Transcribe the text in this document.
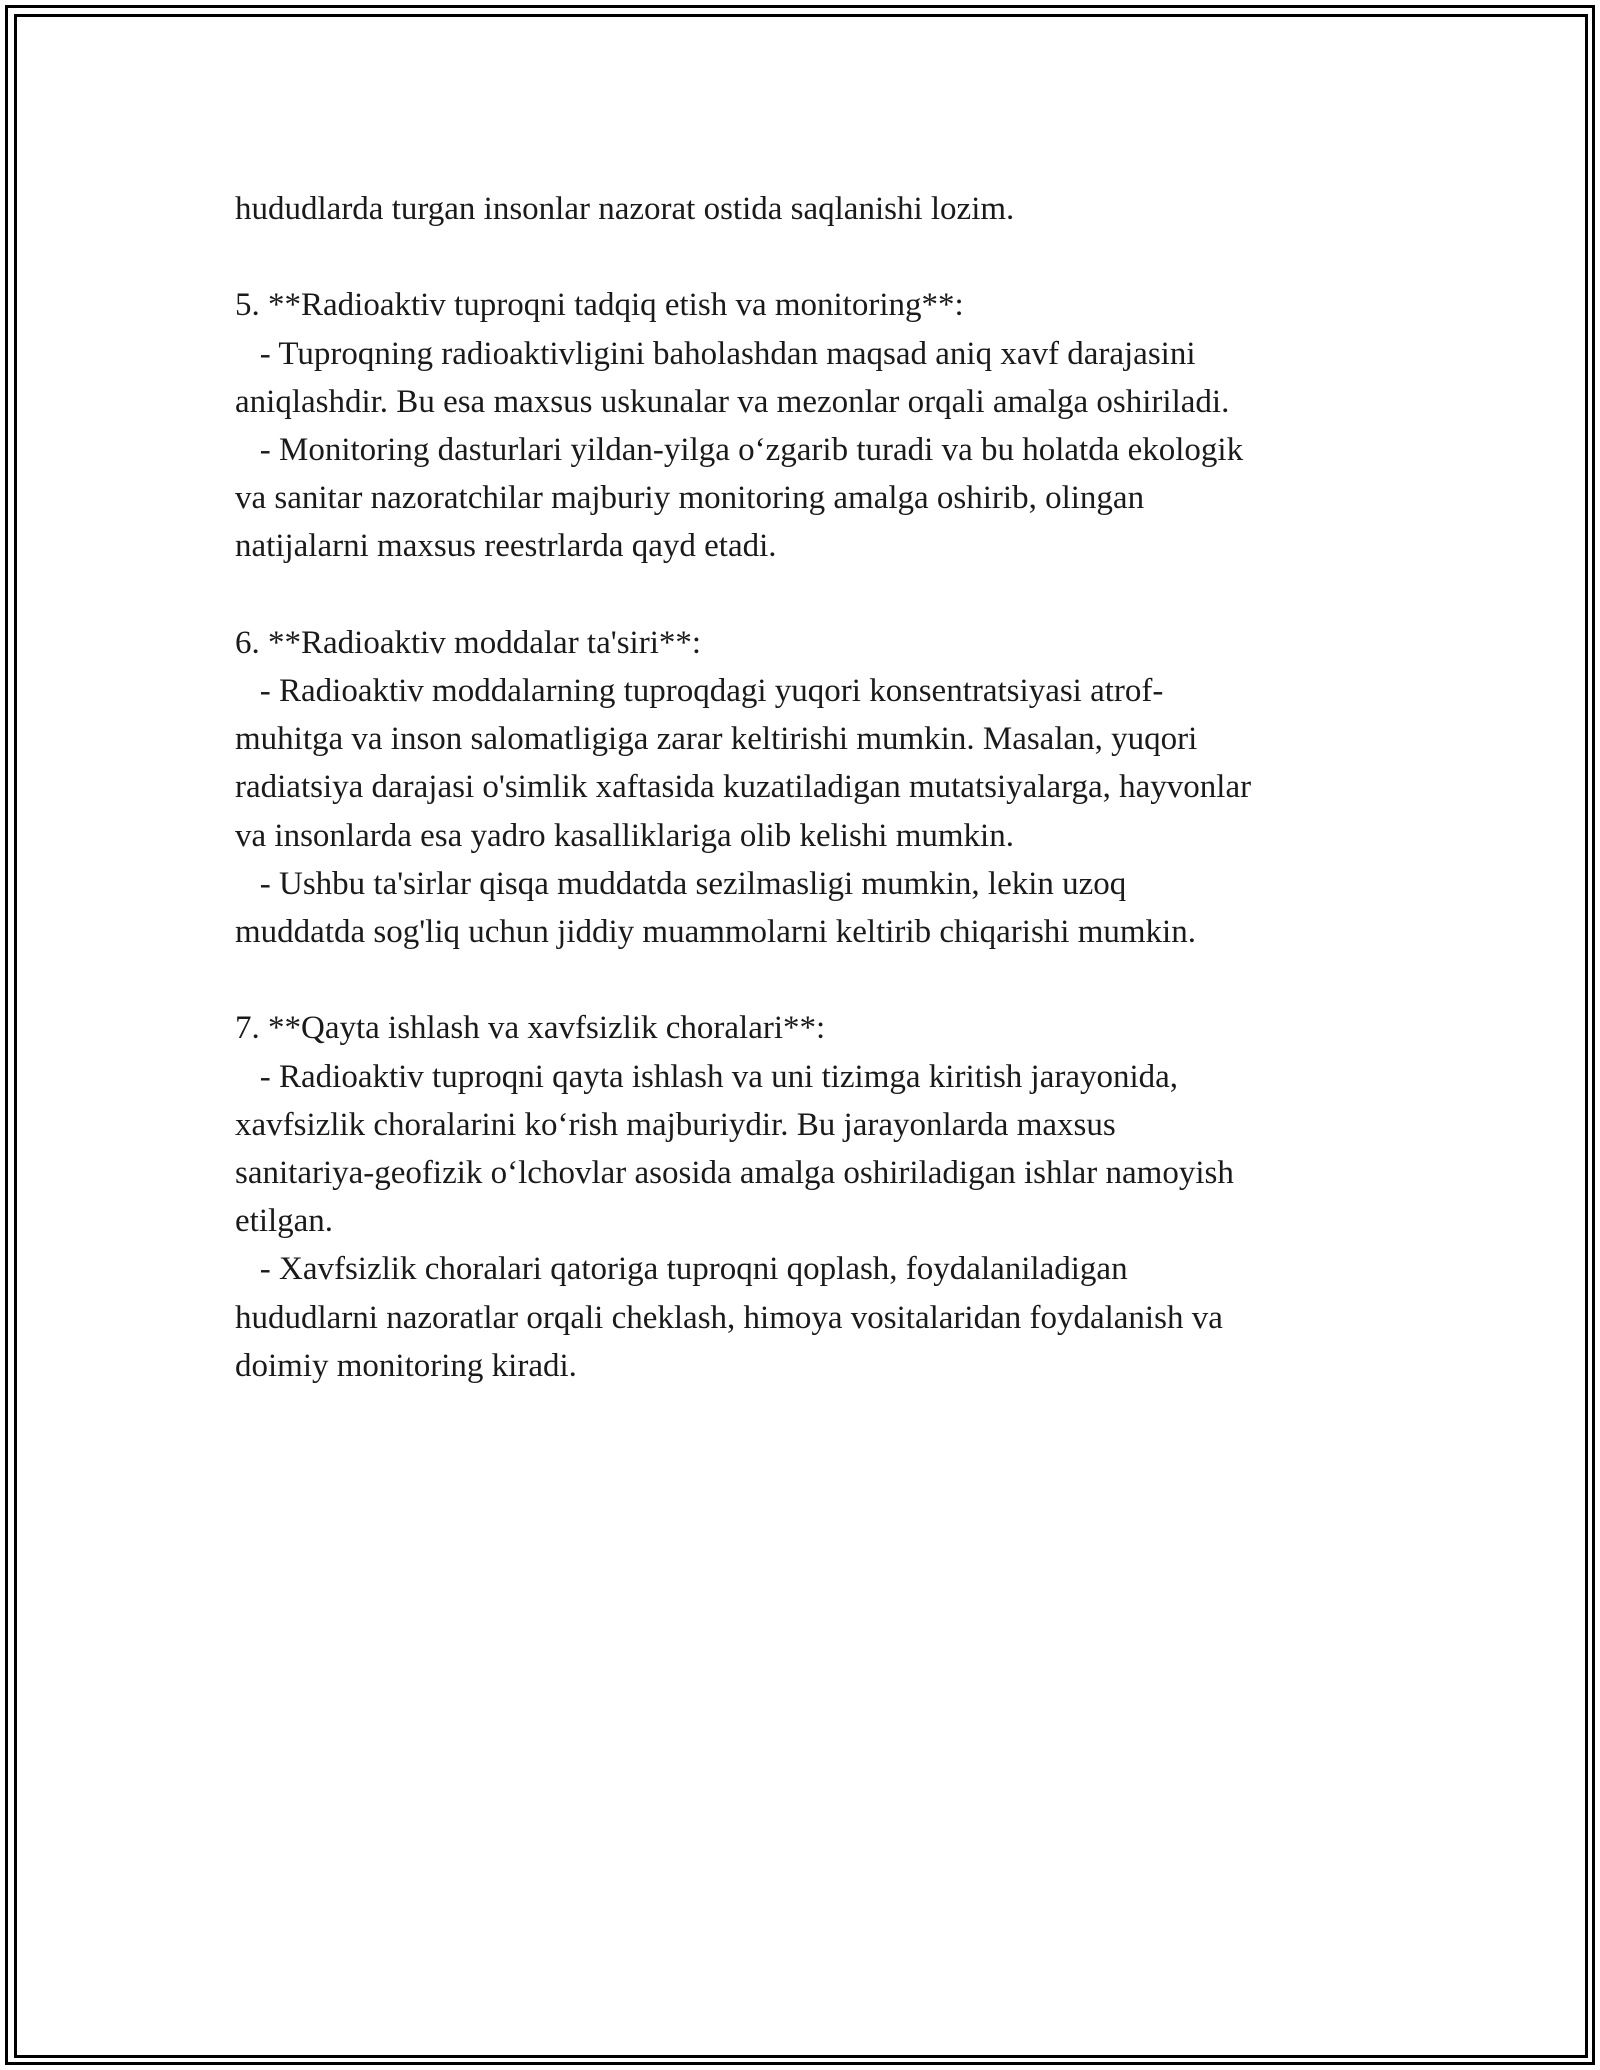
hududlarda turgan insonlar nazorat ostida saqlanishi lozim.

5. **Radioaktiv tuproqni tadqiq etish va monitoring**:
- Tuproqning radioaktivligini baholashdan maqsad aniq xavf darajasini
aniqlashdir. Bu esa maxsus uskunalar va mezonlar orqali amalga oshiriladi.
- Monitoring dasturlari yildan-yilga o‘zgarib turadi va bu holatda ekologik
va sanitar nazoratchilar majburiy monitoring amalga oshirib, olingan
natijalarni maxsus reestrlarda qayd etadi.

6. **Radioaktiv moddalar ta'siri**:
- Radioaktiv moddalarning tuproqdagi yuqori konsentratsiyasi atrof-
muhitga va inson salomatligiga zarar keltirishi mumkin. Masalan, yuqori
radiatsiya darajasi o'simlik xaftasida kuzatiladigan mutatsiyalarga, hayvonlar
va insonlarda esa yadro kasalliklariga olib kelishi mumkin.
- Ushbu ta'sirlar qisqa muddatda sezilmasligi mumkin, lekin uzoq
muddatda sog'liq uchun jiddiy muammolarni keltirib chiqarishi mumkin.

7. **Qayta ishlash va xavfsizlik choralari**:
- Radioaktiv tuproqni qayta ishlash va uni tizimga kiritish jarayonida,
xavfsizlik choralarini ko‘rish majburiydir. Bu jarayonlarda maxsus
sanitariya-geofizik o‘lchovlar asosida amalga oshiriladigan ishlar namoyish
etilgan.
- Xavfsizlik choralari qatoriga tuproqni qoplash, foydalaniladigan
hududlarni nazoratlar orqali cheklash, himoya vositalaridan foydalanish va
doimiy monitoring kiradi.
